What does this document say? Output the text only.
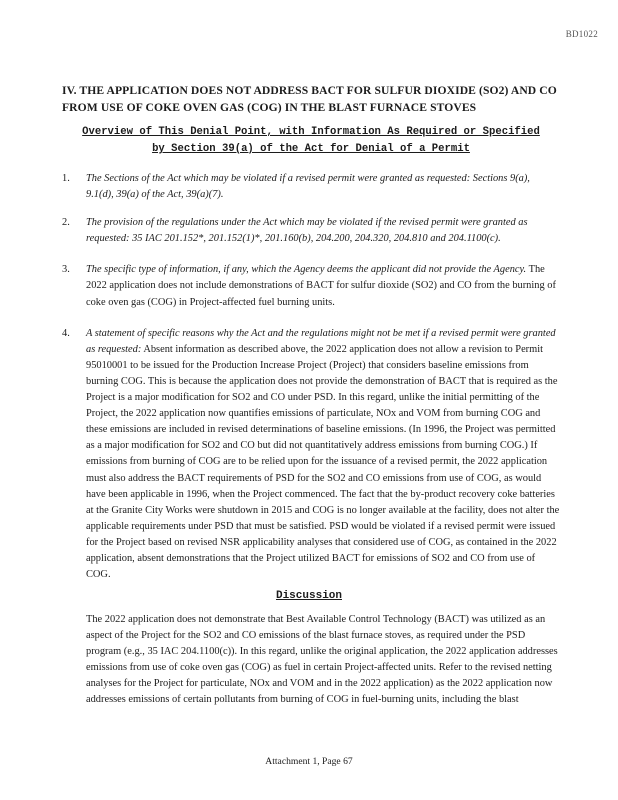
BD1022
IV. THE APPLICATION DOES NOT ADDRESS BACT FOR SULFUR DIOXIDE (SO2) AND CO FROM USE OF COKE OVEN GAS (COG) IN THE BLAST FURNACE STOVES

Overview of This Denial Point, with Information As Required or Specified by Section 39(a) of the Act for Denial of a Permit

1. The Sections of the Act which may be violated if a revised permit were granted as requested: Sections 9(a), 9.1(d), 39(a) of the Act, 39(a)(7).
2. The provision of the regulations under the Act which may be violated if the revised permit were granted as requested: 35 IAC 201.152*, 201.152(1)*, 201.160(b), 204.200, 204.320, 204.810 and 204.1100(c).
3. The specific type of information, if any, which the Agency deems the applicant did not provide the Agency. The 2022 application does not include demonstrations of BACT for sulfur dioxide (SO2) and CO from the burning of coke oven gas (COG) in Project-affected fuel burning units.
4. A statement of specific reasons why the Act and the regulations might not be met if a revised permit were granted as requested: Absent information as described above, the 2022 application does not allow a revision to Permit 95010001 to be issued for the Production Increase Project (Project) that considers baseline emissions from burning COG. This is because the application does not provide the demonstration of BACT that is required as the Project is a major modification for SO2 and CO under PSD. In this regard, unlike the initial permitting of the Project, the 2022 application now quantifies emissions of particulate, NOx and VOM from burning COG and these emissions are included in revised determinations of baseline emissions. (In 1996, the Project was permitted as a major modification for SO2 and CO but did not quantitatively address emissions from burning COG.) If emissions from burning of COG are to be relied upon for the issuance of a revised permit, the 2022 application must also address the BACT requirements of PSD for the SO2 and CO emissions from use of COG, as would have been applicable in 1996, when the Project commenced. The fact that the by-product recovery coke batteries at the Granite City Works were shutdown in 2015 and COG is no longer available at the facility, does not alter the applicable requirements under PSD that must be satisfied. PSD would be violated if a revised permit were issued for the Project based on revised NSR applicability analyses that considered use of COG, as contained in the 2022 application, absent demonstrations that the Project utilized BACT for emissions of SO2 and CO from use of COG.
Discussion

The 2022 application does not demonstrate that Best Available Control Technology (BACT) was utilized as an aspect of the Project for the SO2 and CO emissions of the blast furnace stoves, as required under the PSD program (e.g., 35 IAC 204.1100(c)). In this regard, unlike the original application, the 2022 application addresses emissions from use of coke oven gas (COG) as fuel in certain Project-affected units. Refer to the revised netting analyses for the Project for particulate, NOx and VOM and in the 2022 application) as the 2022 application now addresses emissions of certain pollutants from burning of COG in fuel-burning units, including the blast

Attachment 1, Page 67
